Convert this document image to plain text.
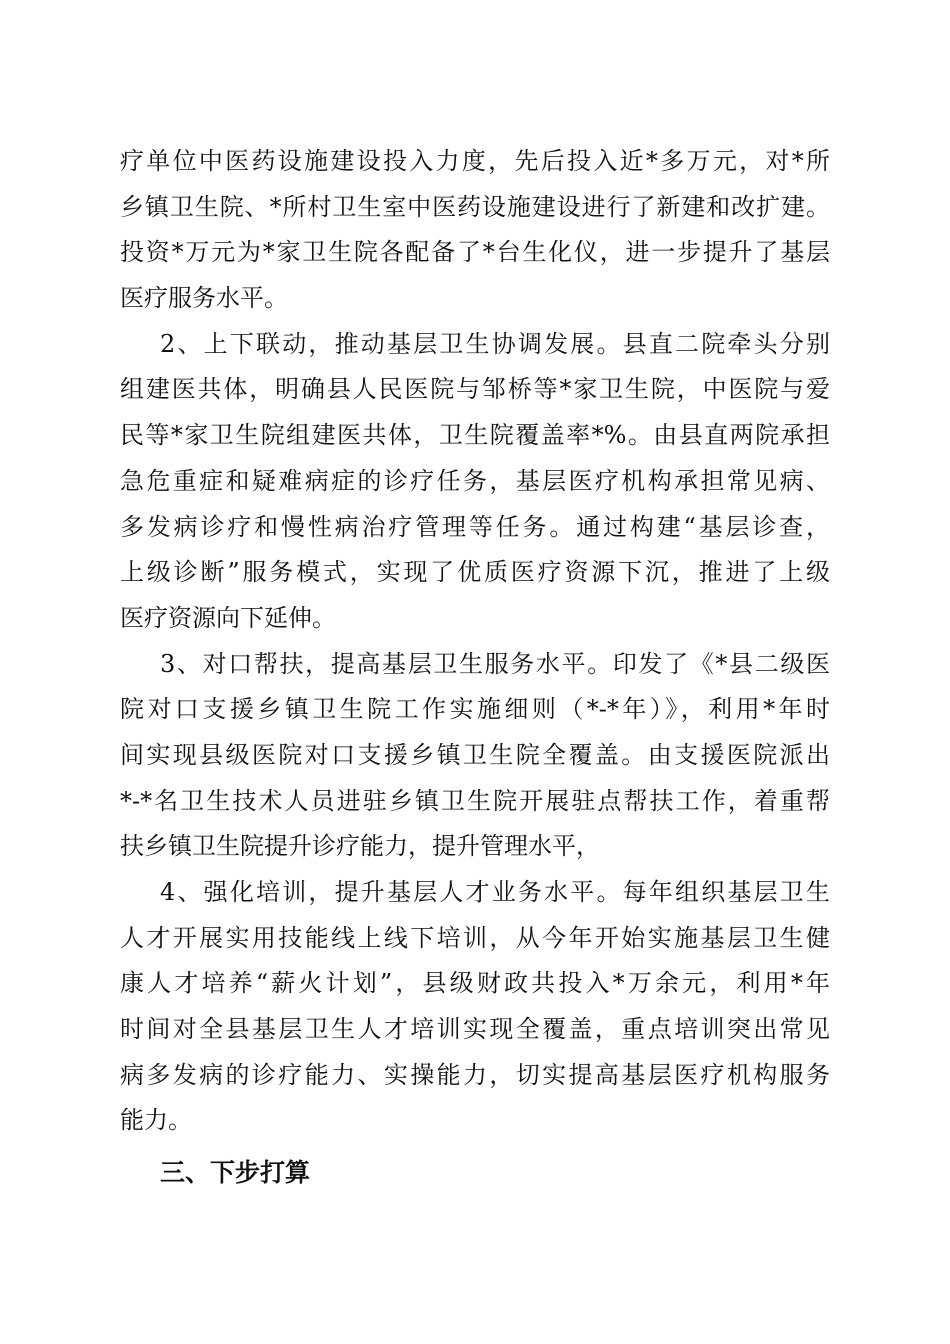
疗单位中医药设施建设投入力度，先后投入近*多万元，对*所
乡镇卫生院、*所村卫生室中医药设施建设进行了新建和改扩建。
投资*万元为*家卫生院各配备了*台生化仪，进一步提升了基层
医疗服务水平。
2、上下联动，推动基层卫生协调发展。县直二院牵头分别
组建医共体，明确县人民医院与邹桥等*家卫生院，中医院与爱
民等*家卫生院组建医共体，卫生院覆盖率*%。由县直两院承担
急危重症和疑难病症的诊疗任务，基层医疗机构承担常见病、
多发病诊疗和慢性病治疗管理等任务。通过构建“基层诊查，
上级诊断”服务模式，实现了优质医疗资源下沉，推进了上级
医疗资源向下延伸。
3、对口帮扶，提高基层卫生服务水平。印发了《*县二级医
院对口支援乡镇卫生院工作实施细则（*-*年）》，利用*年时
间实现县级医院对口支援乡镇卫生院全覆盖。由支援医院派出
*-*名卫生技术人员进驻乡镇卫生院开展驻点帮扶工作，着重帮
扶乡镇卫生院提升诊疗能力，提升管理水平，
4、强化培训，提升基层人才业务水平。每年组织基层卫生
人才开展实用技能线上线下培训，从今年开始实施基层卫生健
康人才培养“薪火计划”，县级财政共投入*万余元，利用*年
时间对全县基层卫生人才培训实现全覆盖，重点培训突出常见
病多发病的诊疗能力、实操能力，切实提高基层医疗机构服务
能力。
三、下步打算
